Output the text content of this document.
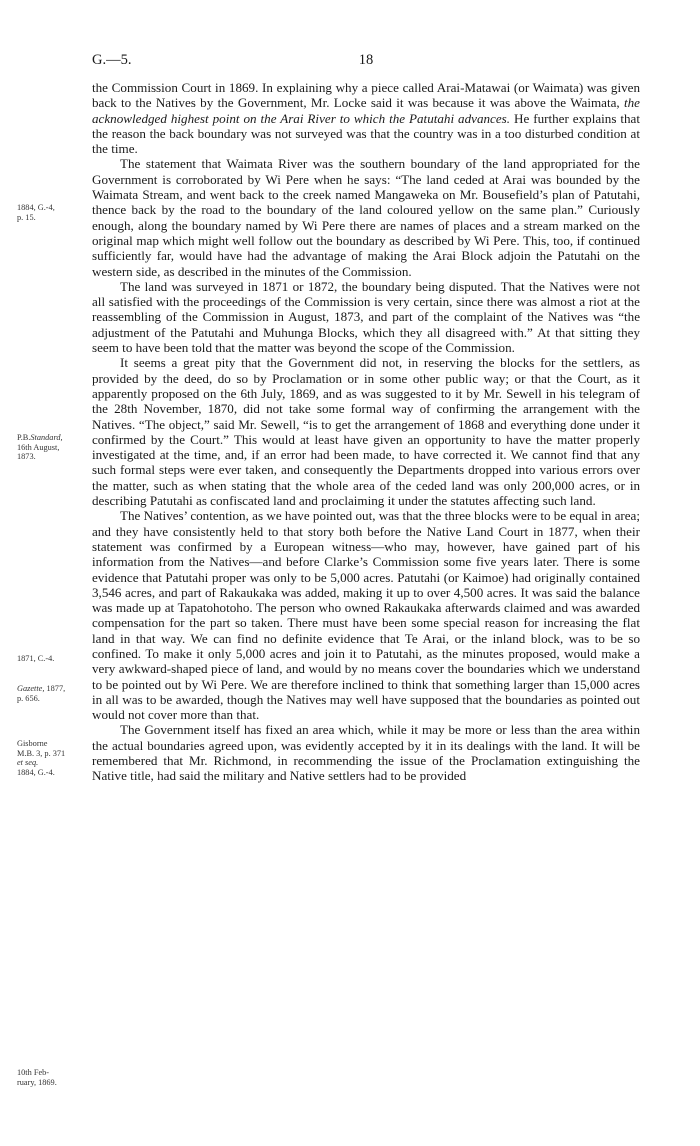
G.—5.	18

the Commission Court in 1869. In explaining why a piece called Arai-Matawai (or Waimata) was given back to the Natives by the Government, Mr. Locke said it was because it was above the Waimata, the acknowledged highest point on the Arai River to which the Patutahi advances. He further explains that the reason the back boundary was not surveyed was that the country was in a too disturbed condition at the time.

The statement that Waimata River was the southern boundary of the land appropriated for the Government is corroborated by Wi Pere when he says: “The land ceded at Arai was bounded by the Waimata Stream, and went back to the creek named Mangaweka on Mr. Bousefield’s plan of Patutahi, thence back by the road to the boundary of the land coloured yellow on the same plan.” Curiously enough, along the boundary named by Wi Pere there are names of places and a stream marked on the original map which might well follow out the boundary as described by Wi Pere. This, too, if continued sufficiently far, would have had the advantage of making the Arai Block adjoin the Patutahi on the western side, as described in the minutes of the Commission.

The land was surveyed in 1871 or 1872, the boundary being disputed. That the Natives were not all satisfied with the proceedings of the Commission is very certain, since there was almost a riot at the reassembling of the Commission in August, 1873, and part of the complaint of the Natives was “the adjustment of the Patutahi and Muhunga Blocks, which they all disagreed with.” At that sitting they seem to have been told that the matter was beyond the scope of the Commission.

It seems a great pity that the Government did not, in reserving the blocks for the settlers, as provided by the deed, do so by Proclamation or in some other public way; or that the Court, as it apparently proposed on the 6th July, 1869, and as was suggested to it by Mr. Sewell in his telegram of the 28th November, 1870, did not take some formal way of confirming the arrangement with the Natives. “The object,” said Mr. Sewell, “is to get the arrangement of 1868 and everything done under it confirmed by the Court.” This would at least have given an opportunity to have the matter properly investigated at the time, and, if an error had been made, to have corrected it. We cannot find that any such formal steps were ever taken, and consequently the Departments dropped into various errors over the matter, such as when stating that the whole area of the ceded land was only 200,000 acres, or in describing Patutahi as confiscated land and proclaiming it under the statutes affecting such land.

The Natives’ contention, as we have pointed out, was that the three blocks were to be equal in area; and they have consistently held to that story both before the Native Land Court in 1877, when their statement was confirmed by a European witness—who may, however, have gained part of his information from the Natives—and before Clarke’s Commission some five years later. There is some evidence that Patutahi proper was only to be 5,000 acres. Patutahi (or Kaimoe) had originally contained 3,546 acres, and part of Rakaukaka was added, making it up to over 4,500 acres. It was said the balance was made up at Tapatohotoho. The person who owned Rakaukaka afterwards claimed and was awarded compensation for the part so taken. There must have been some special reason for increasing the flat land in that way. We can find no definite evidence that Te Arai, or the inland block, was to be so confined. To make it only 5,000 acres and join it to Patutahi, as the minutes proposed, would make a very awkward-shaped piece of land, and would by no means cover the boundaries which we understand to be pointed out by Wi Pere. We are therefore inclined to think that something larger than 15,000 acres in all was to be awarded, though the Natives may well have supposed that the boundaries as pointed out would not cover more than that.

The Government itself has fixed an area which, while it may be more or less than the area within the actual boundaries agreed upon, was evidently accepted by it in its dealings with the land. It will be remembered that Mr. Richmond, in recommending the issue of the Proclamation extinguishing the Native title, had said the military and Native settlers had to be provided

1884, G.-4,
p. 15.
P.B.Standard,
16th August,
1873.
1871, C.-4.
Gazette, 1877,
p. 656.
Gisborne
M.B. 3, p. 371
et seq.
1884, G.-4.
10th Feb-
ruary, 1869.
